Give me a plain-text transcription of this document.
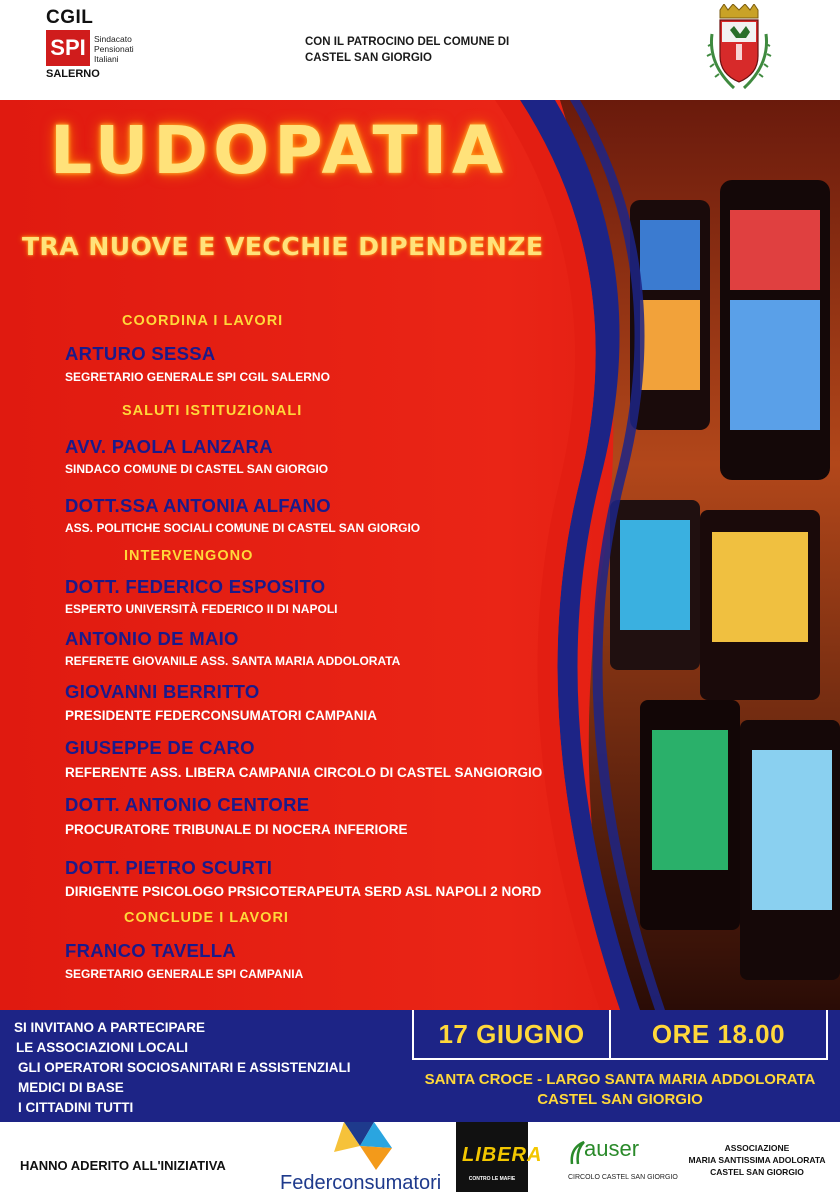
CGIL
SPI Sindacato
Pensionati
Italiani
SALERNO
CON IL PATROCINO DEL COMUNE DI
CASTEL SAN GIORGIO
LUDOPATIA
TRA NUOVE E VECCHIE DIPENDENZE
COORDINA I LAVORI
ARTURO SESSA
SEGRETARIO GENERALE SPI CGIL SALERNO
SALUTI ISTITUZIONALI
AVV. PAOLA LANZARA
SINDACO COMUNE DI CASTEL SAN GIORGIO
DOTT.SSA ANTONIA ALFANO
ASS. POLITICHE SOCIALI COMUNE DI CASTEL SAN GIORGIO
INTERVENGONO
DOTT. FEDERICO ESPOSITO
ESPERTO UNIVERSITÀ FEDERICO II DI NAPOLI
ANTONIO DE MAIO
REFERETE GIOVANILE ASS. SANTA MARIA ADDOLORATA
GIOVANNI BERRITTO
PRESIDENTE FEDERCONSUMATORI CAMPANIA
GIUSEPPE DE CARO
REFERENTE ASS. LIBERA CAMPANIA CIRCOLO DI CASTEL SANGIORGIO
DOTT. ANTONIO CENTORE
PROCURATORE TRIBUNALE DI NOCERA INFERIORE
DOTT. PIETRO SCURTI
DIRIGENTE PSICOLOGO PRSICOTERAPEUTA SERD ASL NAPOLI 2 NORD
CONCLUDE I LAVORI
FRANCO TAVELLA
SEGRETARIO GENERALE SPI CAMPANIA
SI INVITANO A PARTECIPARE
LE ASSOCIAZIONI LOCALI
GLI OPERATORI SOCIOSANITARI E ASSISTENZIALI
MEDICI DI BASE
I CITTADINI TUTTI
17 GIUGNO	ORE 18.00
SANTA CROCE - LARGO SANTA MARIA ADDOLORATA
CASTEL SAN GIORGIO
HANNO ADERITO ALL'INIZIATIVA
Federconsumatori
LIBERA
CONTRO LE MAFIE
auser
CIRCOLO CASTEL SAN GIORGIO
ASSOCIAZIONE
MARIA SANTISSIMA ADOLORATA
CASTEL SAN GIORGIO
